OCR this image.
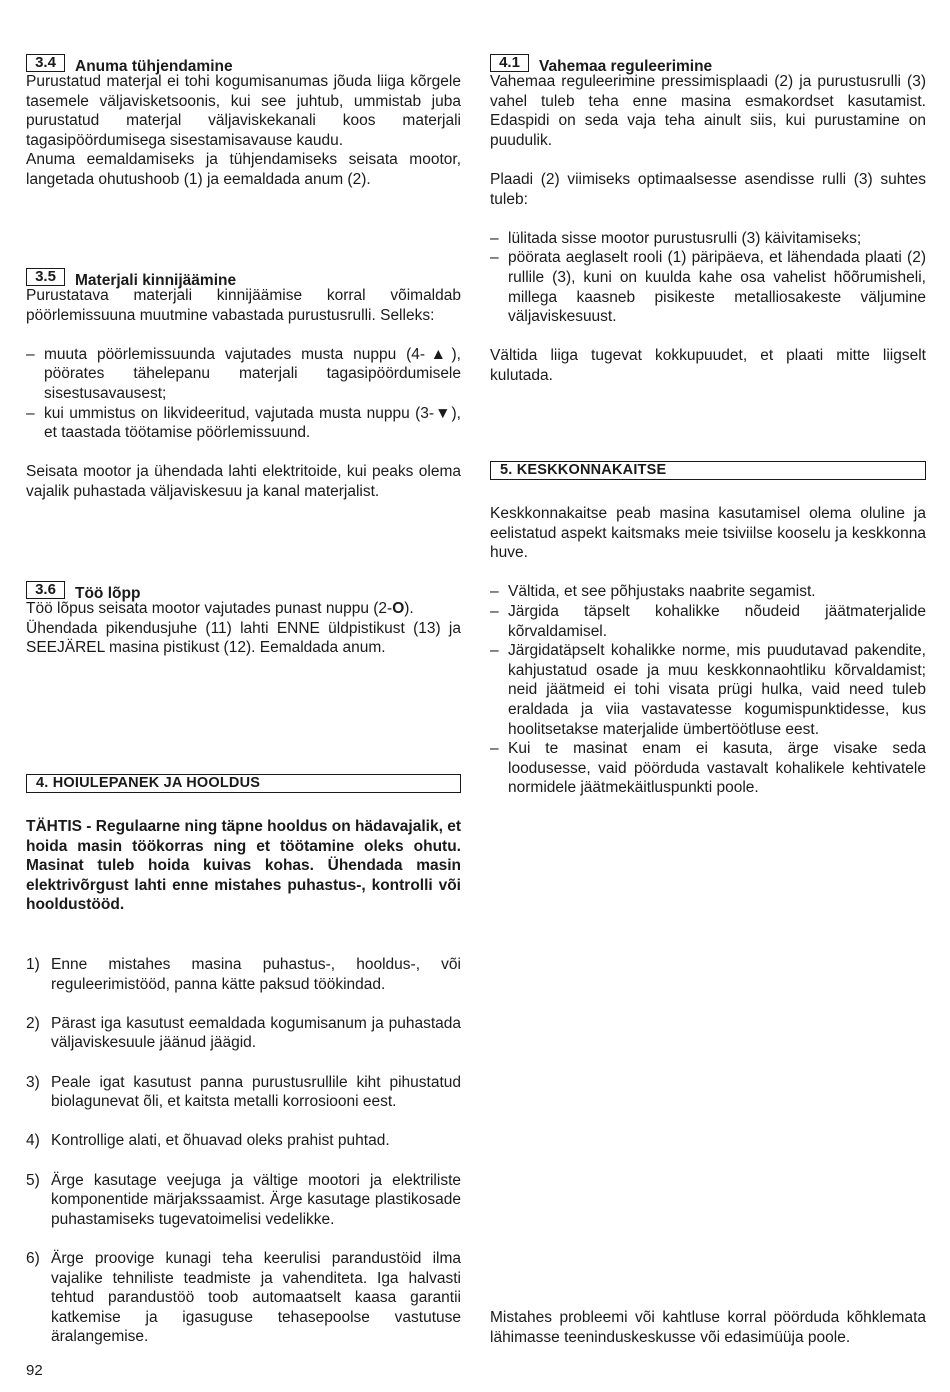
3.4	Anuma tühjendamine

Purustatud materjal ei tohi kogumisanumas jõuda liiga kõrgele tasemele väljavisketsoonis, kui see juhtub, ummistab juba purustatud materjal väljaviskekanali koos materjali tagasipöördumisega sisestamisavause kaudu.

Anuma eemaldamiseks ja tühjendamiseks seisata mootor, langetada ohutushoob (1) ja eemaldada anum (2).

3.5	Materjali kinnijäämine

Purustatava materjali kinnijäämise korral võimaldab pöörlemissuuna muutmine vabastada purustusrulli. Selleks:

– muuta pöörlemissuunda vajutades musta nuppu (4-▲), pöörates tähelepanu materjali tagasipöördumisele sisestusavausest;
– kui ummistus on likvideeritud, vajutada musta nuppu (3-▼), et taastada töötamise pöörlemissuund.

Seisata mootor ja ühendada lahti elektritoide, kui peaks olema vajalik puhastada väljaviskesuu ja kanal materjalist.

3.6	Töö lõpp

Töö lõpus seisata mootor vajutades punast nuppu (2-O).

Ühendada pikendusjuhe (11) lahti ENNE üldpistikust (13) ja SEEJÄREL masina pistikust (12). Eemaldada anum.

4. HOIULEPANEK JA HOOLDUS

TÄHTIS - Regulaarne ning täpne hooldus on hädavajalik, et hoida masin töökorras ning et töötamine oleks ohutu. Masinat tuleb hoida kuivas kohas. Ühendada masin elektrivõrgust lahti enne mistahes puhastus-, kontrolli või hooldustööd.

1) Enne mistahes masina puhastus-, hooldus-, või reguleerimistööd, panna kätte paksud töökindad.
2) Pärast iga kasutust eemaldada kogumisanum ja puhastada väljaviskesuule jäänud jäägid.
3) Peale igat kasutust panna purustusrullile kiht pihustatud biolagunevat õli, et kaitsta metalli korrosiooni eest.
4) Kontrollige alati, et õhuavad oleks prahist puhtad.
5) Ärge kasutage veejuga ja vältige mootori ja elektriliste komponentide märjakssaamist. Ärge kasutage plastikosade puhastamiseks tugevatoimelisi vedelikke.
6) Ärge proovige kunagi teha keerulisi parandustöid ilma vajalike tehniliste teadmiste ja vahenditeta. Iga halvasti tehtud parandustöö toob automaatselt kaasa garantii katkemise ja igasuguse tehasepoolse vastutuse äralangemise.
4.1	Vahemaa reguleerimine

Vahemaa reguleerimine pressimisplaadi (2) ja purustusrulli (3) vahel tuleb teha enne masina esmakordset kasutamist. Edaspidi on seda vaja teha ainult siis, kui purustamine on puudulik.

Plaadi (2) viimiseks optimaalsesse asendisse rulli (3) suhtes tuleb:

– lülitada sisse mootor purustusrulli (3) käivitamiseks;
– pöörata aeglaselt rooli (1) päripäeva, et lähendada plaati (2) rullile (3), kuni on kuulda kahe osa vahelist hõõrumisheli, millega kaasneb pisikeste metalliosakeste väljumine väljaviskesuust.

Vältida liiga tugevat kokkupuudet, et plaati mitte liigselt kulutada.

5. KESKKONNAKAITSE

Keskkonnakaitse peab masina kasutamisel olema oluline ja eelistatud aspekt kaitsmaks meie tsiviilse kooselu ja keskkonna huve.

– Vältida, et see põhjustaks naabrite segamist.
– Järgida täpselt kohalikke nõudeid jäätmaterjalide kõrvaldamisel.
– Järgidatäpselt kohalikke norme, mis puudutavad pakendite, kahjustatud osade ja muu keskkonnaohtliku kõrvaldamist; neid jäätmeid ei tohi visata prügi hulka, vaid need tuleb eraldada ja viia vastavatesse kogumispunktidesse, kus hoolitsetakse materjalide ümbertöötluse eest.
– Kui te masinat enam ei kasuta, ärge visake seda loodusesse, vaid pöörduda vastavalt kohalikele kehtivatele normidele jäätmekäitluspunkti poole.

Mistahes probleemi või kahtluse korral pöörduda kõhklemata lähimasse teeninduskeskusse või edasimüüja poole.

92
